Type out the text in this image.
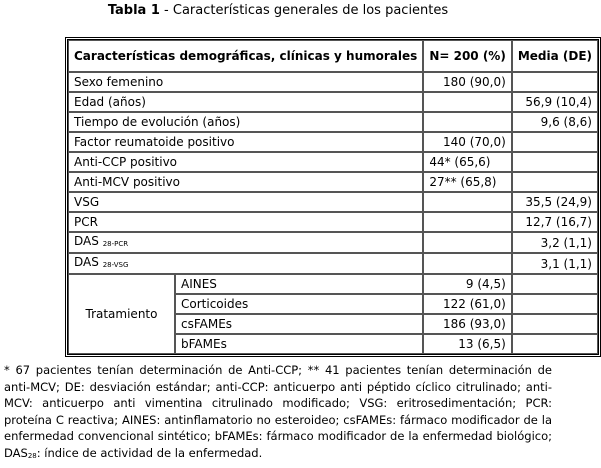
Tabla 1 - Características generales de los pacientes
Características demográficas, clínicas y humorales		N= 200 (%)	Media (DE)
Sexo femenino		180 (90,0)	
Edad (años)			56,9 (10,4)
Tiempo de evolución (años)			9,6 (8,6)
Factor reumatoide positivo		140 (70,0)	
Anti-CCP positivo		44* (65,6)	
Anti-MCV positivo		27** (65,8)	
VSG			35,5 (24,9)
PCR			12,7 (16,7)
DAS $_{28-PCR}$			3,2 (1,1)
DAS $_{28-VSG}$			3,1 (1,1)
Tratamiento	AINES	9 (4,5)	
	Corticoides	122 (61,0)	
	csFAMEs	186 (93,0)	
	bFAMEs	13 (6,5)	
* 67 pacientes tenían determinación de Anti-CCP; ** 41 pacientes tenían determinación de anti-MCV; DE: desviación estándar; anti-CCP: anticuerpo anti péptido cíclico citrulinado; anti-MCV: anticuerpo anti vimentina citrulinado modificado; VSG: eritrosedimentación; PCR: proteína C reactiva; AINES: antinflamatorio no esteroideo; csFAMEs: fármaco modificador de la enfermedad convencional sintético; bFAMEs: fármaco modificador de la enfermedad biológico; $DAS_{28}$: índice de actividad de la enfermedad.
